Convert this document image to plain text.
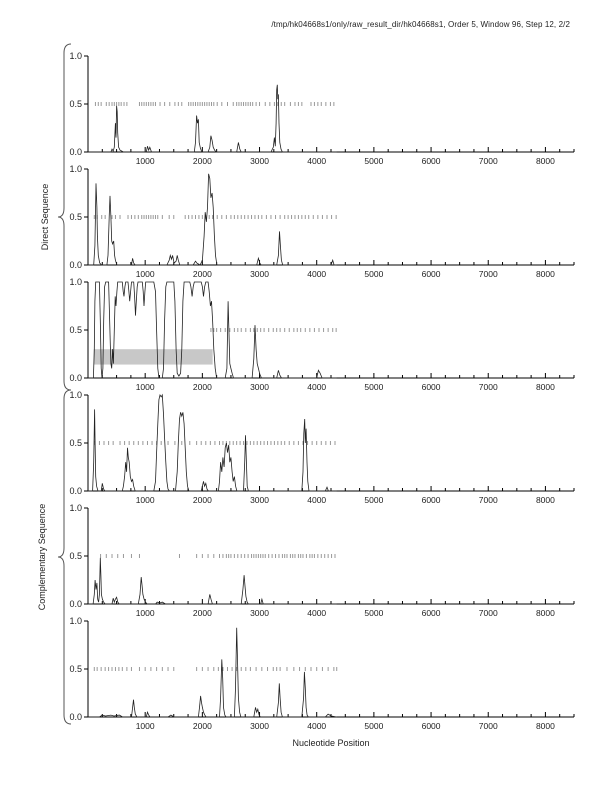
/tmp/hk04668s1/only/raw_result_dir/hk04668s1, Order 5, Window 96, Step 12, 2/2
Direct Sequence
Complementary Sequence
0.0
0.5
1.0
1000	2000	3000	4000	5000	6000	7000	8000
0.0
0.5
1.0
1000	2000	3000	4000	5000	6000	7000	8000
0.0
0.5
1.0
1000	2000	3000	4000	5000	6000	7000	8000
0.0
0.5
1.0
1000	2000	3000	4000	5000	6000	7000	8000
0.0
0.5
1.0
1000	2000	3000	4000	5000	6000	7000	8000
0.0
0.5
1.0
1000	2000	3000	4000	5000	6000	7000	8000
Nucleotide Position
